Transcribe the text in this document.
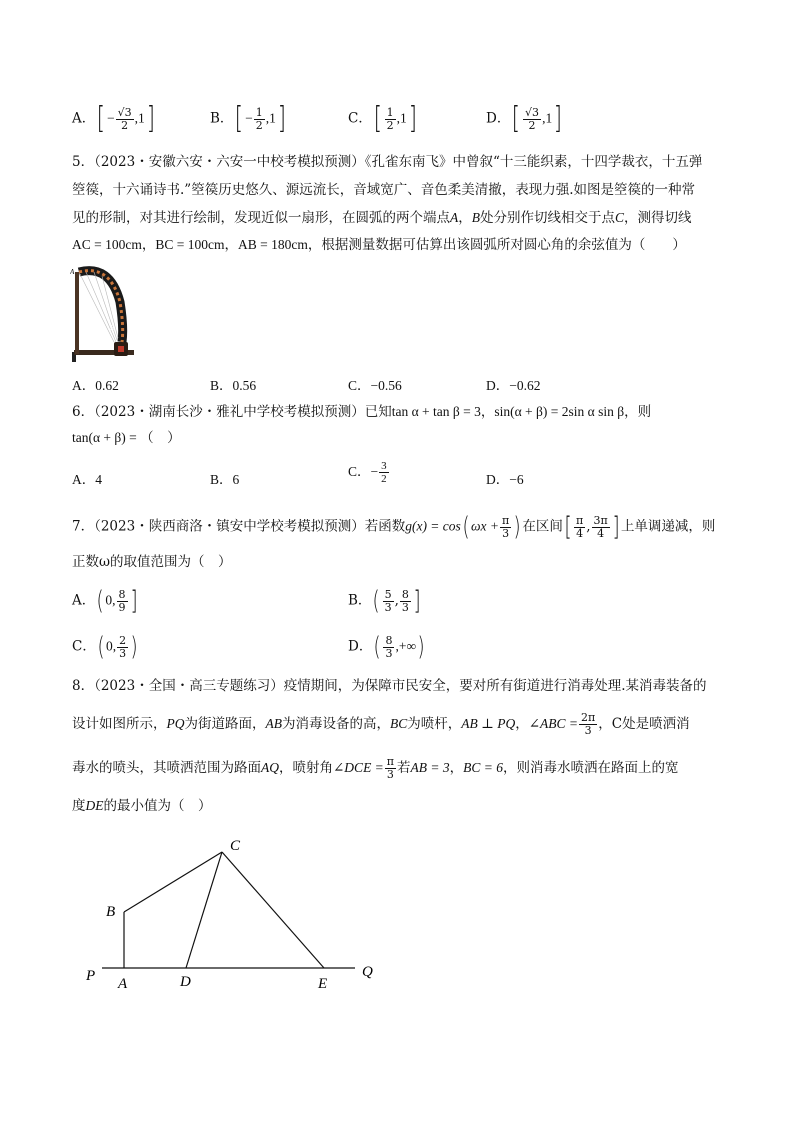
A．[ − $\frac{√3}{2} ,1$]	B．[ − $\frac{1}{2} ,1$]	C．[ $\frac{1}{2} ,1$]	D．[ $\frac{√3}{2} ,1$]
5．（2023・安徽六安・六安一中校考模拟预测）《孔雀东南飞》中曾叙“十三能织素，十四学裁衣，十五弹
箜篌，十六诵诗书.”箜篌历史悠久、源远流长，音域宽广、音色柔美清撤，表现力强.如图是箜篌的一种常
见的形制，对其进行绘制，发现近似一扇形，在圆弧的两个端点A，B处分别作切线相交于点C，测得切线
AC = 100cm，BC = 100cm，AB = 180cm，根据测量数据可估算出该圆弧所对圆心角的余弦值为（　　）
A
B
A．0.62	B．0.56	C．−0.56	D．−0.62
6．（2023・湖南长沙・雅礼中学校考模拟预测）已知tan α + tan β = 3，sin(α + β) = 2sin α sin β，则
tan(α + β) = （　）
A．4	B．6
C．− $\frac{3}{2}$	D．−6
7．（2023・陕西商洛・镇安中学校考模拟预测）若函数g(x) = cos( $\omega x + \frac{\pi}{3}$ ) 在区间[ $\frac{\pi}{4}$ , $\frac{3\pi}{4}$ ] 上单调递减，则
正数ω的取值范围为（　）
A．( 0, $\frac{8}{9}$ ]	B．( $\frac{5}{3}$ , $\frac{8}{3}$ ]
C．( 0, $\frac{2}{3}$ )	D．( $\frac{8}{3}$ ,+∞)
8．（2023・全国・高三专题练习）疫情期间，为保障市民安全，要对所有街道进行消毒处理.某消毒装备的
设计如图所示，PQ为街道路面，AB为消毒设备的高，BC为喷杆，AB ⊥ PQ，∠ABC = $\frac{2\pi}{3}$ ，C处是喷洒消
毒水的喷头，其喷洒范围为路面AQ，喷射角∠DCE = $\frac{\pi}{3}$ 若AB = 3，BC = 6，则消毒水喷洒在路面上的宽
度DE的最小值为（　）
C
B
P A	D	E
Q
